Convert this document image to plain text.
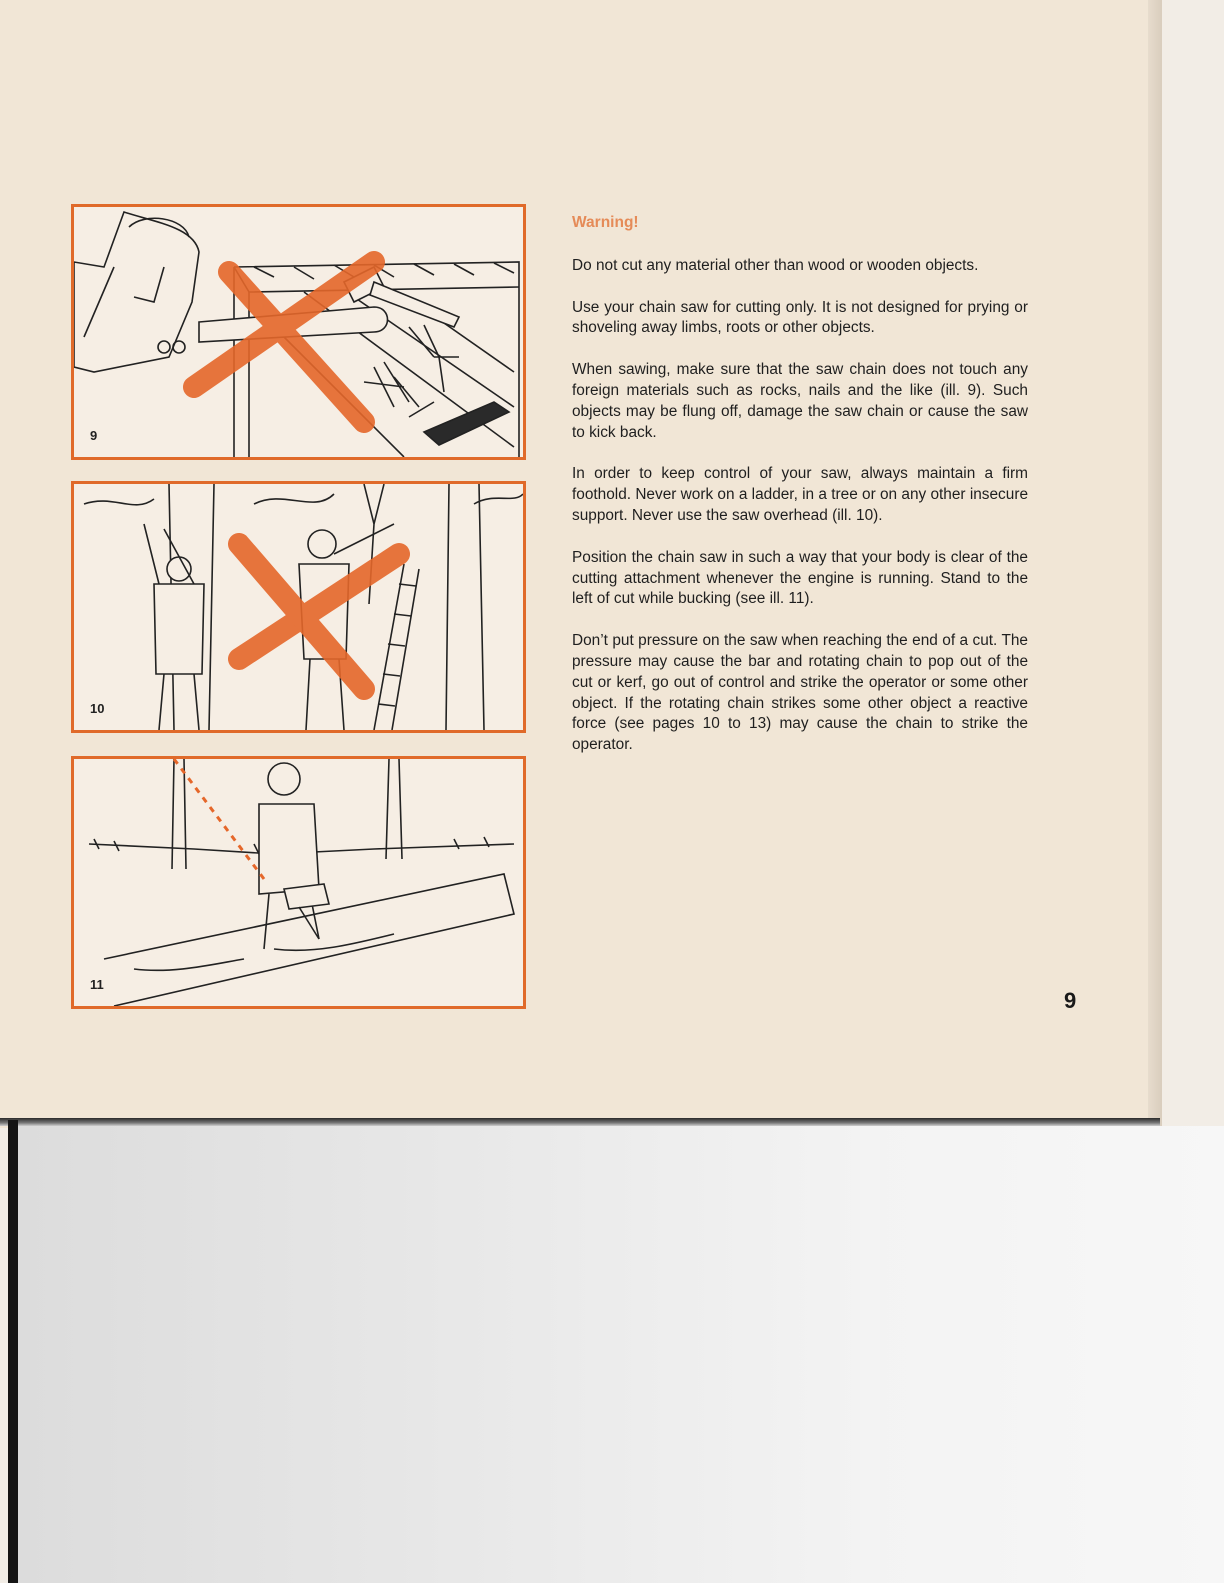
9
10
11
Warning!

Do not cut any material other than wood or wooden objects.

Use your chain saw for cutting only. It is not designed for prying or shoveling away limbs, roots or other objects.

When sawing, make sure that the saw chain does not touch any foreign materials such as rocks, nails and the like (ill. 9). Such objects may be flung off, damage the saw chain or cause the saw to kick back.

In order to keep control of your saw, always maintain a firm foothold. Never work on a ladder, in a tree or on any other insecure support. Never use the saw overhead (ill. 10).

Position the chain saw in such a way that your body is clear of the cutting attachment whenever the engine is running. Stand to the left of cut while bucking (see ill. 11).

Don’t put pressure on the saw when reaching the end of a cut. The pressure may cause the bar and rotating chain to pop out of the cut or kerf, go out of control and strike the operator or some other object. If the rotating chain strikes some other object a reactive force (see pages 10 to 13) may cause the chain to strike the operator.

9
